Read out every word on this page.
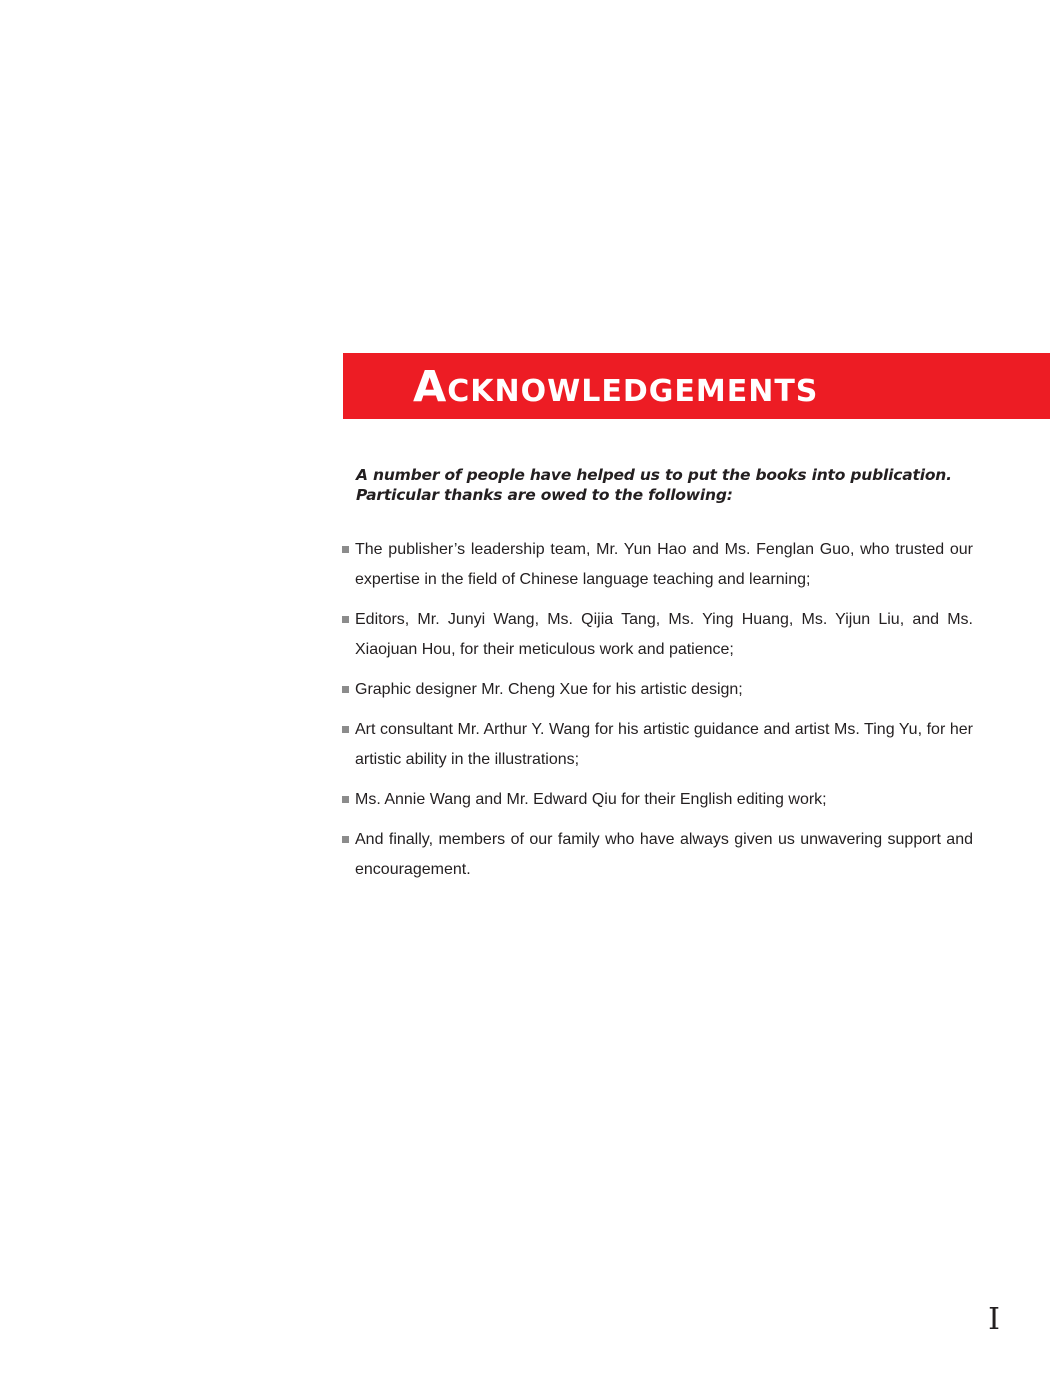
Acknowledgements

A number of people have helped us to put the books into publication.
Particular thanks are owed to the following:

The publisher’s leadership team, Mr. Yun Hao and Ms. Fenglan Guo, who trusted our expertise in the field of Chinese language teaching and learning;
Editors, Mr. Junyi Wang, Ms. Qijia Tang, Ms. Ying Huang, Ms. Yijun Liu, and Ms. Xiaojuan Hou, for their meticulous work and patience;
Graphic designer Mr. Cheng Xue for his artistic design;
Art consultant Mr. Arthur Y. Wang for his artistic guidance and artist Ms. Ting Yu, for her artistic ability in the illustrations;
Ms. Annie Wang and Mr. Edward Qiu for their English editing work;
And finally, members of our family who have always given us unwavering support and encouragement.
I
